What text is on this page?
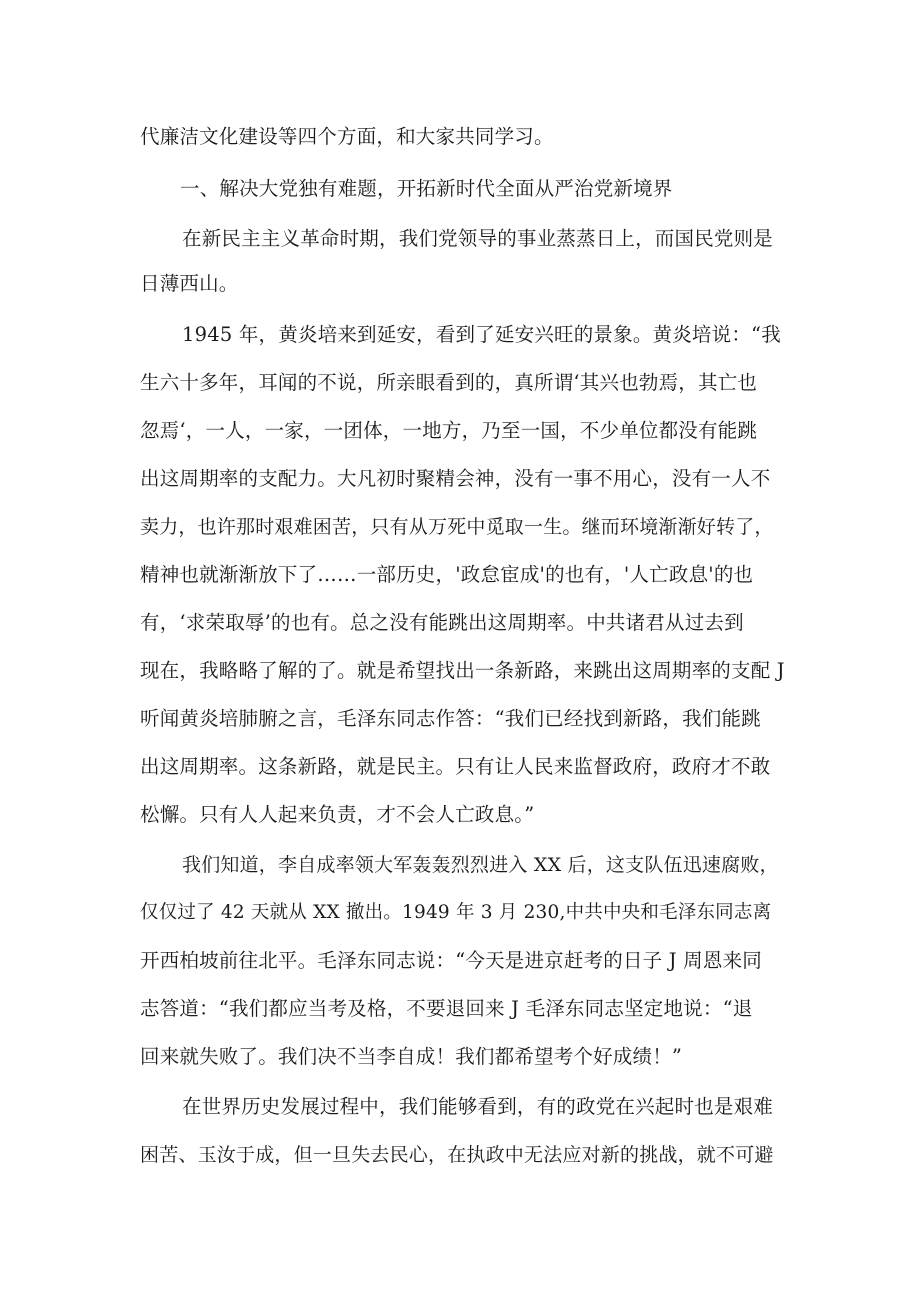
代廉洁文化建设等四个方面，和大家共同学习。
一、解决大党独有难题，开拓新时代全面从严治党新境界
在新民主主义革命时期，我们党领导的事业蒸蒸日上，而国民党则是
日薄西山。
1945 年，黄炎培来到延安，看到了延安兴旺的景象。黄炎培说：“我
生六十多年，耳闻的不说，所亲眼看到的，真所谓‘其兴也勃焉，其亡也
忽焉‘，一人，一家，一团体，一地方，乃至一国，不少单位都没有能跳
出这周期率的支配力。大凡初时聚精会神，没有一事不用心，没有一人不
卖力，也许那时艰难困苦，只有从万死中觅取一生。继而环境渐渐好转了，
精神也就渐渐放下了……一部历史，'政怠宦成'的也有，'人亡政息'的也
有，‘求荣取辱’的也有。总之没有能跳出这周期率。中共诸君从过去到
现在，我略略了解的了。就是希望找出一条新路，来跳出这周期率的支配 J
听闻黄炎培肺腑之言，毛泽东同志作答：“我们已经找到新路，我们能跳
出这周期率。这条新路，就是民主。只有让人民来监督政府，政府才不敢
松懈。只有人人起来负责，才不会人亡政息。”
我们知道，李自成率领大军轰轰烈烈进入 XX 后，这支队伍迅速腐败，
仅仅过了 42 天就从 XX 撤出。1949 年 3 月 230,中共中央和毛泽东同志离
开西柏坡前往北平。毛泽东同志说：“今天是进京赶考的日子 J 周恩来同
志答道：“我们都应当考及格，不要退回来 J 毛泽东同志坚定地说：“退
回来就失败了。我们决不当李自成！我们都希望考个好成绩！”
在世界历史发展过程中，我们能够看到，有的政党在兴起时也是艰难
困苦、玉汝于成，但一旦失去民心，在执政中无法应对新的挑战，就不可避
